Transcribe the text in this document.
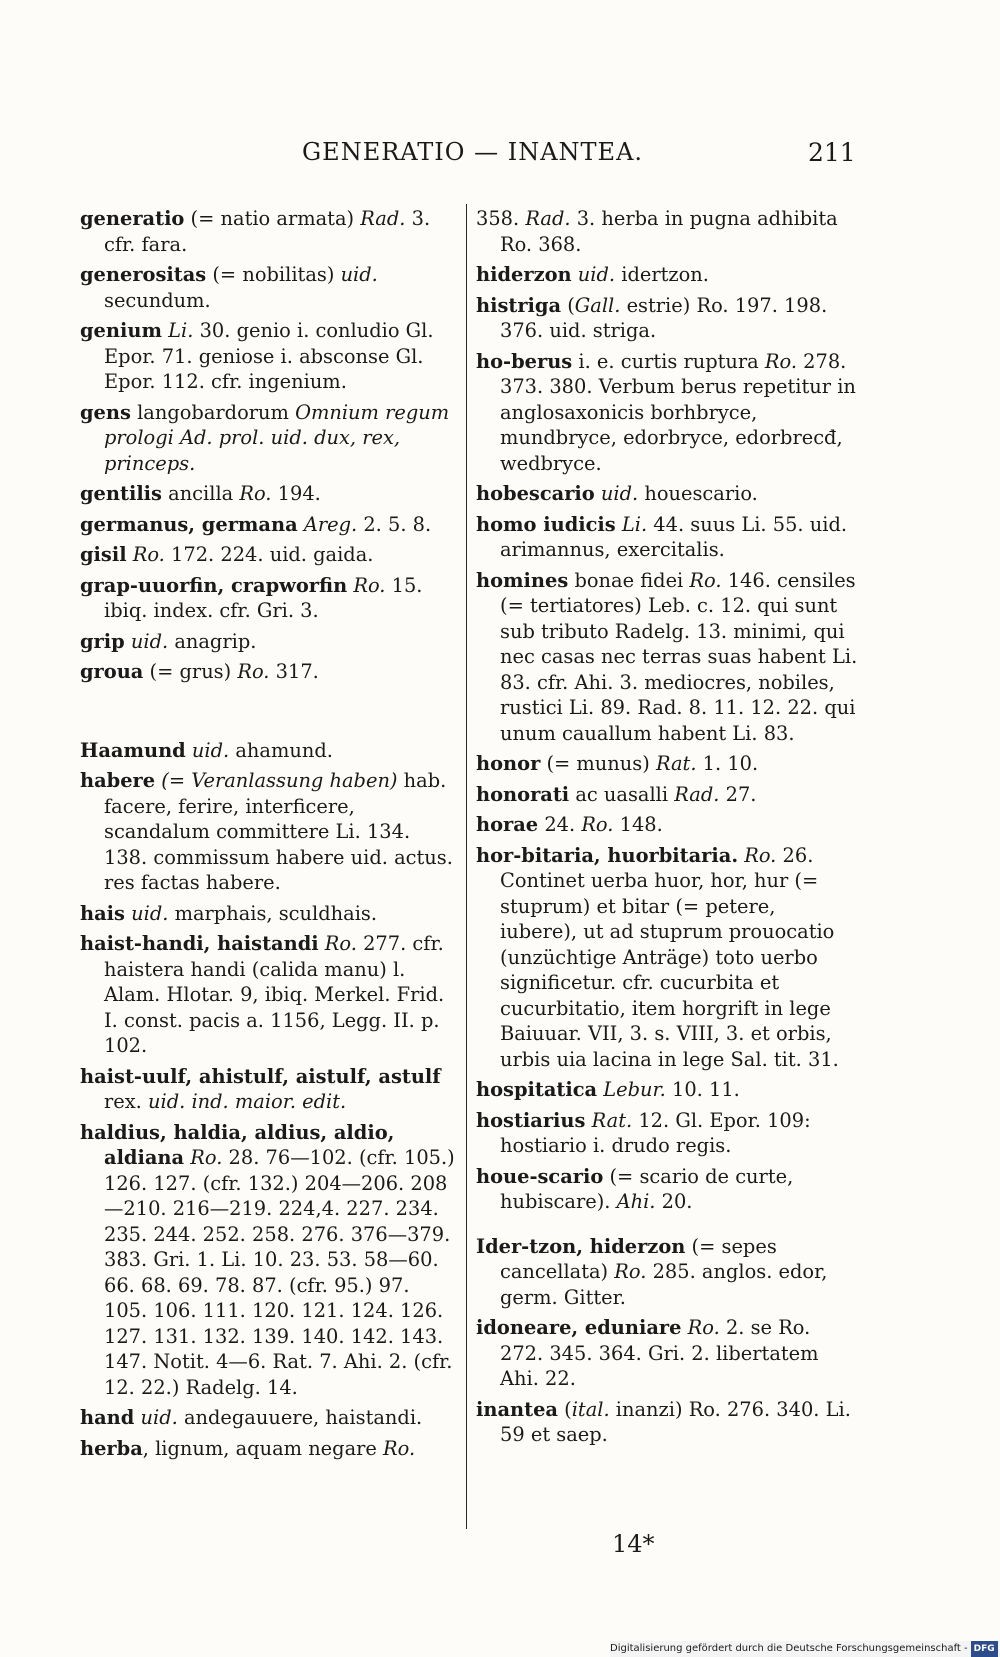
GENERATIO — INANTEA.	211
generatio (= natio armata) Rad. 3. cfr. fara.
generositas (= nobilitas) uid. secundum.
genium Li. 30. genio i. conludio Gl. Epor. 71. geniose i. absconse Gl. Epor. 112. cfr. ingenium.
gens langobardorum Omnium regum prologi Ad. prol. uid. dux, rex, princeps.
gentilis ancilla Ro. 194.
germanus, germana Areg. 2. 5. 8.
gisil Ro. 172. 224. uid. gaida.
grap-uuorfin, crapworfin Ro. 15. ibiq. index. cfr. Gri. 3.
grip uid. anagrip.
groua (= grus) Ro. 317.
Haamund uid. ahamund.
habere (= Veranlassung haben) hab. facere, ferire, interficere, scandalum committere Li. 134. 138. commissum habere uid. actus. res factas habere.
hais uid. marphais, sculdhais.
haist-handi, haistandi Ro. 277. cfr. haistera handi (calida manu) l. Alam. Hlotar. 9, ibiq. Merkel. Frid. I. const. pacis a. 1156, Legg. II. p. 102.
haist-uulf, ahistulf, aistulf, astulf rex. uid. ind. maior. edit.
haldius, haldia, aldius, aldio, aldiana Ro. 28. 76—102. (cfr. 105.) 126. 127. (cfr. 132.) 204—206. 208—210. 216—219. 224,4. 227. 234. 235. 244. 252. 258. 276. 376—379. 383. Gri. 1. Li. 10. 23. 53. 58—60. 66. 68. 69. 78. 87. (cfr. 95.) 97. 105. 106. 111. 120. 121. 124. 126. 127. 131. 132. 139. 140. 142. 143. 147. Notit. 4—6. Rat. 7. Ahi. 2. (cfr. 12. 22.) Radelg. 14.
hand uid. andegauuere, haistandi.
herba, lignum, aquam negare Ro.
358. Rad. 3. herba in pugna adhibita Ro. 368.
hiderzon uid. idertzon.
histriga (Gall. estrie) Ro. 197. 198. 376. uid. striga.
ho-berus i. e. curtis ruptura Ro. 278. 373. 380. Verbum berus repetitur in anglosaxonicis borhbryce, mundbryce, edorbryce, edorbrecđ, wedbryce.
hobescario uid. houescario.
homo iudicis Li. 44. suus Li. 55. uid. arimannus, exercitalis.
homines bonae fidei Ro. 146. censiles (= tertiatores) Leb. c. 12. qui sunt sub tributo Radelg. 13. minimi, qui nec casas nec terras suas habent Li. 83. cfr. Ahi. 3. mediocres, nobiles, rustici Li. 89. Rad. 8. 11. 12. 22. qui unum cauallum habent Li. 83.
honor (= munus) Rat. 1. 10.
honorati ac uasalli Rad. 27.
horae 24. Ro. 148.
hor-bitaria, huorbitaria. Ro. 26. Continet uerba huor, hor, hur (= stuprum) et bitar (= petere, iubere), ut ad stuprum prouocatio (unzüchtige Anträge) toto uerbo significetur. cfr. cucurbita et cucurbitatio, item horgrift in lege Baiuuar. VII, 3. s. VIII, 3. et orbis, urbis uia lacina in lege Sal. tit. 31.
hospitatica Lebur. 10. 11.
hostiarius Rat. 12. Gl. Epor. 109: hostiario i. drudo regis.
houe-scario (= scario de curte, hubiscare). Ahi. 20.
Ider-tzon, hiderzon (= sepes cancellata) Ro. 285. anglos. edor, germ. Gitter.
idoneare, eduniare Ro. 2. se Ro. 272. 345. 364. Gri. 2. libertatem Ahi. 22.
inantea (ital. inanzi) Ro. 276. 340. Li. 59 et saep.
14*
Digitalisierung gefördert durch die Deutsche Forschungsgemeinschaft - DFG
